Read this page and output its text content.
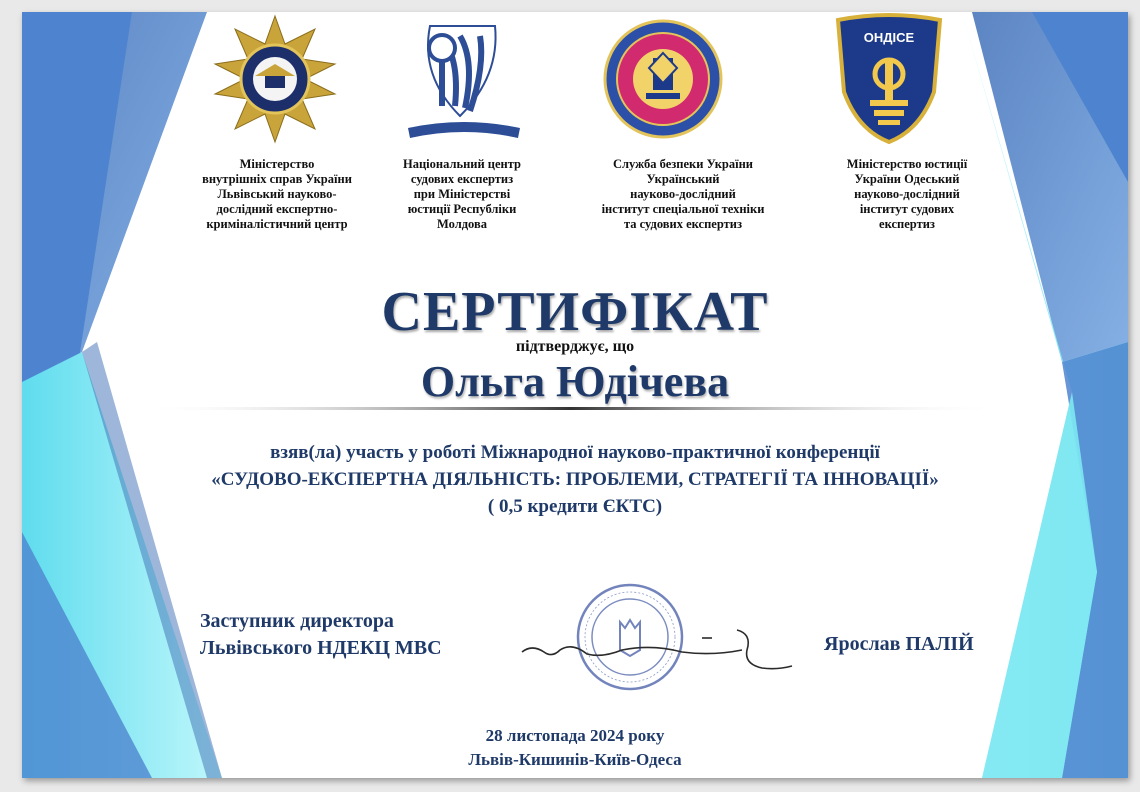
ОНДІСЕ
Міністерство
внутрішніх справ України
Львівський науково-
дослідний експертно-
криміналістичний центр
Національний центр
судових експертиз
при Міністерстві
юстиції Республіки
Молдова
Служба безпеки України
Український
науково-дослідний
інститут спеціальної техніки
та судових експертиз
Міністерство юстиції
України Одеський
науково-дослідний
інститут судових
експертиз
СЕРТИФІКАТ
підтверджує, що
Ольга Юдічева
взяв(ла) участь у роботі Міжнародної науково-практичної конференції
«СУДОВО-ЕКСПЕРТНА ДІЯЛЬНІСТЬ: ПРОБЛЕМИ, СТРАТЕГІЇ ТА ІННОВАЦІЇ»
( 0,5 кредити ЄКТС)
Заступник директора
Львівського НДЕКЦ МВС	Ярослав ПАЛІЙ
28 листопада 2024 року
Львів-Кишинів-Київ-Одеса
